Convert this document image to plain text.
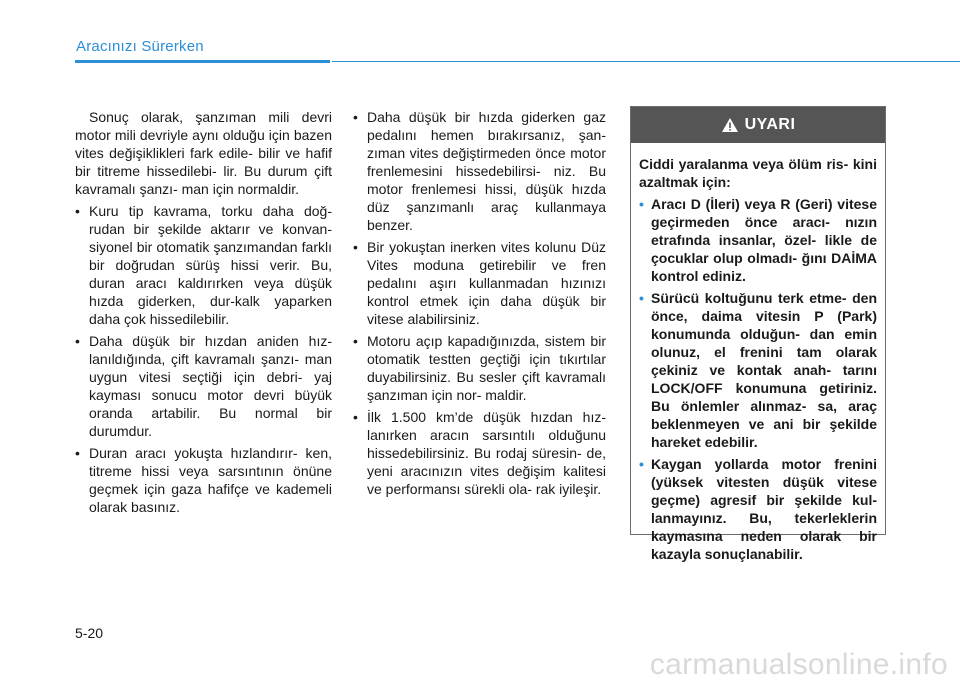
Aracınızı Sürerken

Sonuç olarak, şanzıman mili devri motor mili devriyle aynı olduğu için bazen vites değişiklikleri fark edile- bilir ve hafif bir titreme hissedilebi- lir. Bu durum çift kavramalı şanzı- man için normaldir.

• Kuru tip kavrama, torku daha doğ- rudan bir şekilde aktarır ve konvan- siyonel bir otomatik şanzımandan farklı bir doğrudan sürüş hissi verir. Bu, duran aracı kaldırırken veya düşük hızda giderken, dur-kalk yaparken daha çok hissedilebilir.

• Daha düşük bir hızdan aniden hız- lanıldığında, çift kavramalı şanzı- man uygun vitesi seçtiği için debri- yaj kayması sonucu motor devri büyük oranda artabilir. Bu normal bir durumdur.

• Duran aracı yokuşta hızlandırır- ken, titreme hissi veya sarsıntının önüne geçmek için gaza hafifçe ve kademeli olarak basınız.

• Daha düşük bir hızda giderken gaz pedalını hemen bırakırsanız, şan- zıman vites değiştirmeden önce motor frenlemesini hissedebilirsi- niz. Bu motor frenlemesi hissi, düşük hızda düz şanzımanlı araç kullanmaya benzer.

• Bir yokuştan inerken vites kolunu Düz Vites moduna getirebilir ve fren pedalını aşırı kullanmadan hızınızı kontrol etmek için daha düşük bir vitese alabilirsiniz.

• Motoru açıp kapadığınızda, sistem bir otomatik testten geçtiği için tıkırtılar duyabilirsiniz. Bu sesler çift kavramalı şanzıman için nor- maldir.

• İlk 1.500 km’de düşük hızdan hız- lanırken aracın sarsıntılı olduğunu hissedebilirsiniz. Bu rodaj süresin- de, yeni aracınızın vites değişim kalitesi ve performansı sürekli ola- rak iyileşir.

UYARI

Ciddi yaralanma veya ölüm ris- kini azaltmak için:

• Aracı D (İleri) veya R (Geri) vitese geçirmeden önce aracı- nızın etrafında insanlar, özel- likle de çocuklar olup olmadı- ğını DAİMA kontrol ediniz.

• Sürücü koltuğunu terk etme- den önce, daima vitesin P (Park) konumunda olduğun- dan emin olunuz, el frenini tam olarak çekiniz ve kontak anah- tarını LOCK/OFF konumuna getiriniz. Bu önlemler alınmaz- sa, araç beklenmeyen ve ani bir şekilde hareket edebilir.

• Kaygan yollarda motor frenini (yüksek vitesten düşük vitese geçme) agresif bir şekilde kul- lanmayınız. Bu, tekerleklerin kaymasına neden olarak bir kazayla sonuçlanabilir.

5-20
carmanualsonline.info
